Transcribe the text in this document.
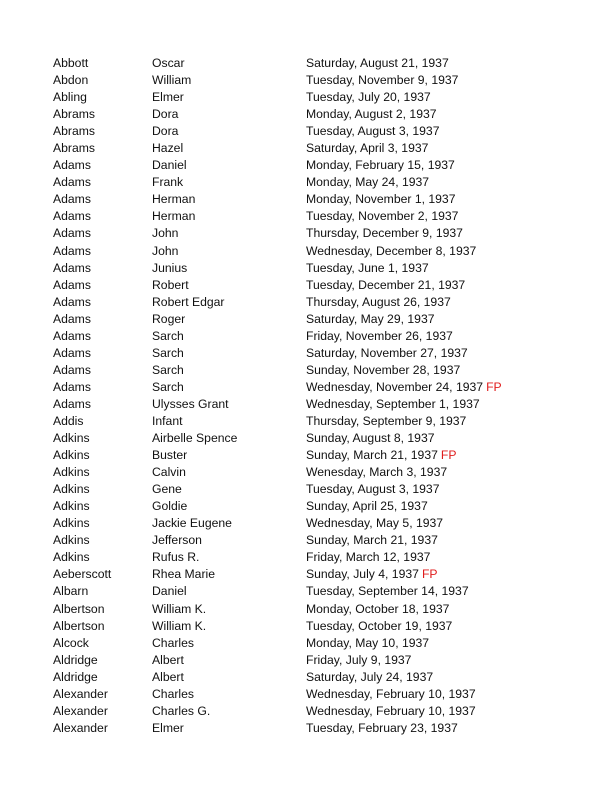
Abbott	Oscar	Saturday, August 21, 1937
Abdon	William	Tuesday, November 9, 1937
Abling	Elmer	Tuesday, July 20, 1937
Abrams	Dora	Monday, August 2, 1937
Abrams	Dora	Tuesday, August 3, 1937
Abrams	Hazel	Saturday, April 3, 1937
Adams	Daniel	Monday, February 15, 1937
Adams	Frank	Monday, May 24, 1937
Adams	Herman	Monday, November 1, 1937
Adams	Herman	Tuesday, November 2, 1937
Adams	John	Thursday, December 9, 1937
Adams	John	Wednesday, December 8, 1937
Adams	Junius	Tuesday, June 1, 1937
Adams	Robert	Tuesday, December 21, 1937
Adams	Robert Edgar	Thursday, August 26, 1937
Adams	Roger	Saturday, May 29, 1937
Adams	Sarch	Friday, November 26, 1937
Adams	Sarch	Saturday, November 27, 1937
Adams	Sarch	Sunday, November 28, 1937
Adams	Sarch	Wednesday, November 24, 1937 FP
Adams	Ulysses Grant	Wednesday, September 1, 1937
Addis	Infant	Thursday, September 9, 1937
Adkins	Airbelle Spence	Sunday, August 8, 1937
Adkins	Buster	Sunday, March 21, 1937 FP
Adkins	Calvin	Wenesday, March 3, 1937
Adkins	Gene	Tuesday, August 3, 1937
Adkins	Goldie	Sunday, April 25, 1937
Adkins	Jackie Eugene	Wednesday, May 5, 1937
Adkins	Jefferson	Sunday, March 21, 1937
Adkins	Rufus R.	Friday, March 12, 1937
Aeberscott	Rhea Marie	Sunday, July 4, 1937 FP
Albarn	Daniel	Tuesday, September 14, 1937
Albertson	William K.	Monday, October 18, 1937
Albertson	William K.	Tuesday, October 19, 1937
Alcock	Charles	Monday, May 10, 1937
Aldridge	Albert	Friday, July 9, 1937
Aldridge	Albert	Saturday, July 24, 1937
Alexander	Charles	Wednesday, February 10, 1937
Alexander	Charles G.	Wednesday, February 10, 1937
Alexander	Elmer	Tuesday, February 23, 1937
